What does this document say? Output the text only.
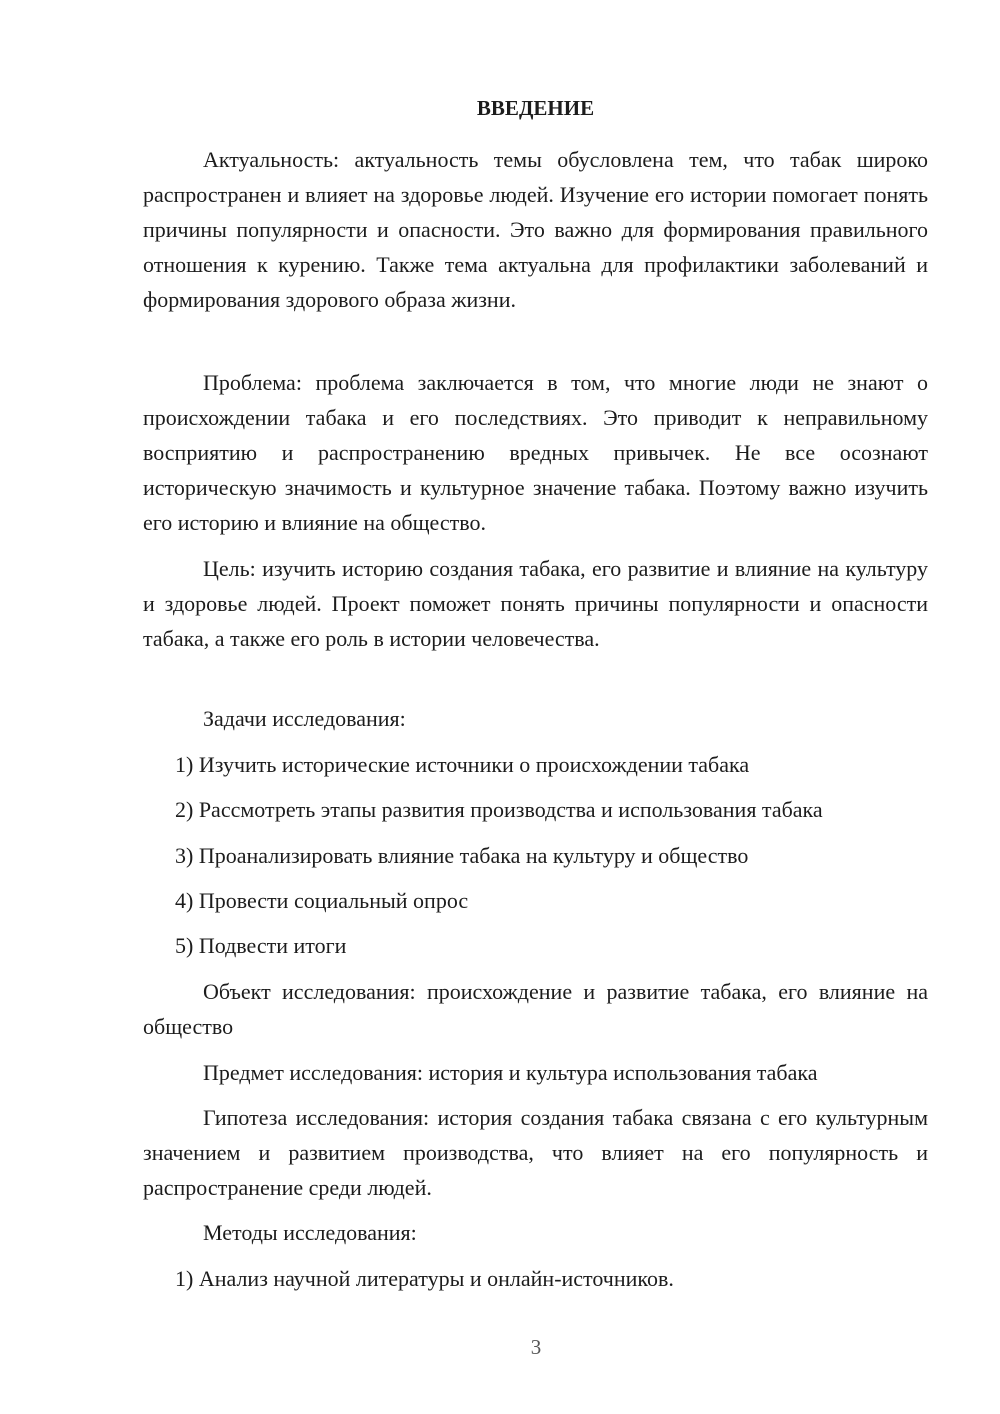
ВВЕДЕНИЕ

Актуальность: актуальность темы обусловлена тем, что табак широко распространен и влияет на здоровье людей. Изучение его истории помогает понять причины популярности и опасности. Это важно для формирования правильного отношения к курению. Также тема актуальна для профилактики заболеваний и формирования здорового образа жизни.

Проблема: проблема заключается в том, что многие люди не знают о происхождении табака и его последствиях. Это приводит к неправильному восприятию и распространению вредных привычек. Не все осознают историческую значимость и культурное значение табака. Поэтому важно изучить его историю и влияние на общество.

Цель: изучить историю создания табака, его развитие и влияние на культуру и здоровье людей. Проект поможет понять причины популярности и опасности табака, а также его роль в истории человечества.

Задачи исследования:

1) Изучить исторические источники о происхождении табака

2) Рассмотреть этапы развития производства и использования табака

3) Проанализировать влияние табака на культуру и общество

4) Провести социальный опрос

5) Подвести итоги

Объект исследования: происхождение и развитие табака, его влияние на общество

Предмет исследования: история и культура использования табака

Гипотеза исследования: история создания табака связана с его культурным значением и развитием производства, что влияет на его популярность и распространение среди людей.

Методы исследования:

1) Анализ научной литературы и онлайн-источников.

3
